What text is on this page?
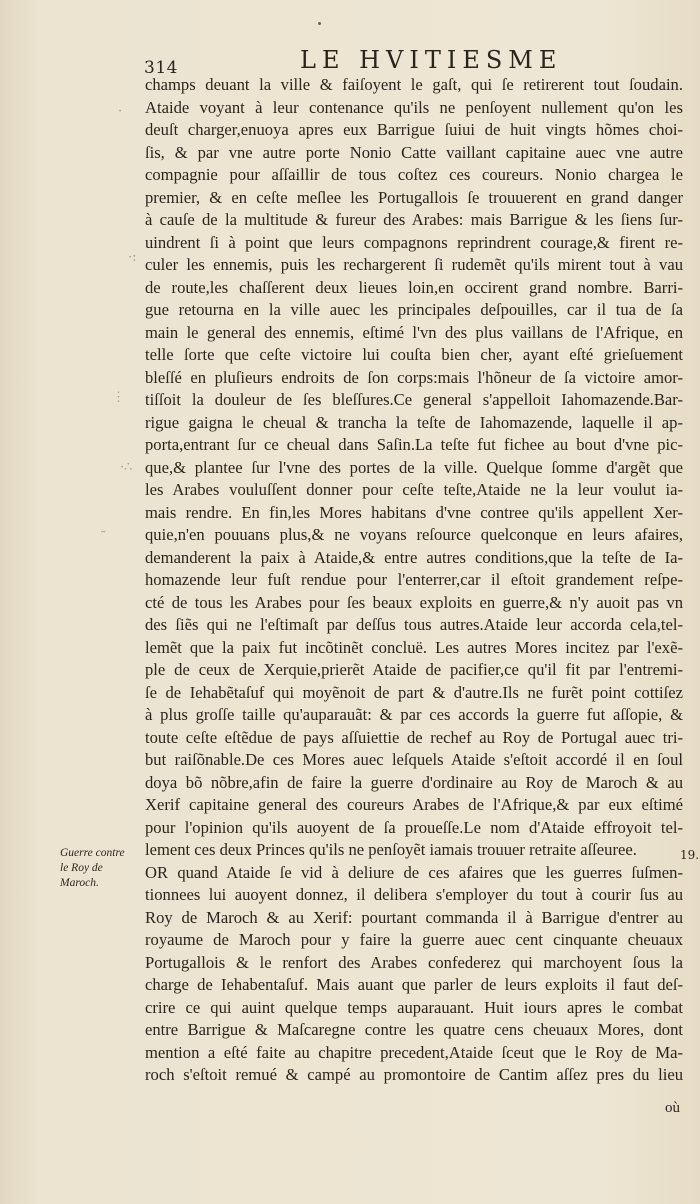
314	LE HVITIESME
champs deuant la ville & faiſoyent le gaſt, qui ſe retirerent tout ſoudain.
Ataide voyant à leur contenance qu'ils ne penſoyent nullement qu'on les
deuſt charger,enuoya apres eux Barrigue ſuiui de huit vingts hõmes choi-
ſis, & par vne autre porte Nonio Catte vaillant capitaine auec vne autre
compagnie pour aſſaillir de tous coſtez ces coureurs. Nonio chargea le
premier, & en ceſte meſlee les Portugallois ſe trouuerent en grand danger
à cauſe de la multitude & fureur des Arabes: mais Barrigue & les ſiens ſur-
uindrent ſi à point que leurs compagnons reprindrent courage,& firent re-
culer les ennemis, puis les rechargerent ſi rudemẽt qu'ils mirent tout à vau
de route,les chaſſerent deux lieues loin,en occirent grand nombre. Barri-
gue retourna en la ville auec les principales deſpouilles, car il tua de ſa
main le general des ennemis, eſtimé l'vn des plus vaillans de l'Afrique, en
telle ſorte que ceſte victoire lui couſta bien cher, ayant eſté grieſuement
bleſſé en pluſieurs endroits de ſon corps:mais l'hõneur de ſa victoire amor-
tiſſoit la douleur de ſes bleſſures.Ce general s'appelloit Iahomazende.Bar-
rigue gaigna le cheual & trancha la teſte de Iahomazende, laquelle il ap-
porta,entrant ſur ce cheual dans Saſin.La teſte fut fichee au bout d'vne pic-
que,& plantee ſur l'vne des portes de la ville. Quelque ſomme d'argẽt que
les Arabes vouluſſent donner pour ceſte teſte,Ataide ne la leur voulut ia-
mais rendre. En fin,les Mores habitans d'vne contree qu'ils appellent Xer-
quie,n'en pouuans plus,& ne voyans reſource quelconque en leurs afaires,
demanderent la paix à Ataide,& entre autres conditions,que la teſte de Ia-
homazende leur fuſt rendue pour l'enterrer,car il eſtoit grandement reſpe-
cté de tous les Arabes pour ſes beaux exploits en guerre,& n'y auoit pas vn
des ſiẽs qui ne l'eſtimaſt par deſſus tous autres.Ataide leur accorda cela,tel-
lemẽt que la paix fut incõtinẽt concluë. Les autres Mores incitez par l'exẽ-
ple de ceux de Xerquie,prierẽt Ataide de pacifier,ce qu'il fit par l'entremi-
ſe de Iehabẽtaſuf qui moyẽnoit de part & d'autre.Ils ne furẽt point cottiſez
à plus groſſe taille qu'auparauãt: & par ces accords la guerre fut aſſopie, &
toute ceſte eſtẽdue de pays aſſuiettie de rechef au Roy de Portugal auec tri-
but raiſõnable.De ces Mores auec leſquels Ataide s'eſtoit accordé il en ſoul
doya bõ nõbre,afin de faire la guerre d'ordinaire au Roy de Maroch & au
Xerif capitaine general des coureurs Arabes de l'Afrique,& par eux eſtimé
pour l'opinion qu'ils auoyent de ſa proueſſe.Le nom d'Ataide effroyoit tel-
lement ces deux Princes qu'ils ne penſoyẽt iamais trouuer retraite aſſeuree.
OR quand Ataide ſe vid à deliure de ces afaires que les guerres ſuſmen-
tionnees lui auoyent donnez, il delibera s'employer du tout à courir ſus au
Roy de Maroch & au Xerif: pourtant commanda il à Barrigue d'entrer au
royaume de Maroch pour y faire la guerre auec cent cinquante cheuaux
Portugallois & le renfort des Arabes confederez qui marchoyent ſous la
charge de Iehabentaſuf. Mais auant que parler de leurs exploits il faut deſ-
crire ce qui auint quelque temps auparauant. Huit iours apres le combat
entre Barrigue & Maſcaregne contre les quatre cens cheuaux Mores, dont
mention a eſté faite au chapitre precedent,Ataide ſceut que le Roy de Ma-
roch s'eſtoit remué & campé au promontoire de Cantim aſſez pres du lieu
Guerre contre
le Roy de
Maroch.
19.
où
·
·:
⋮
·∴
˜
